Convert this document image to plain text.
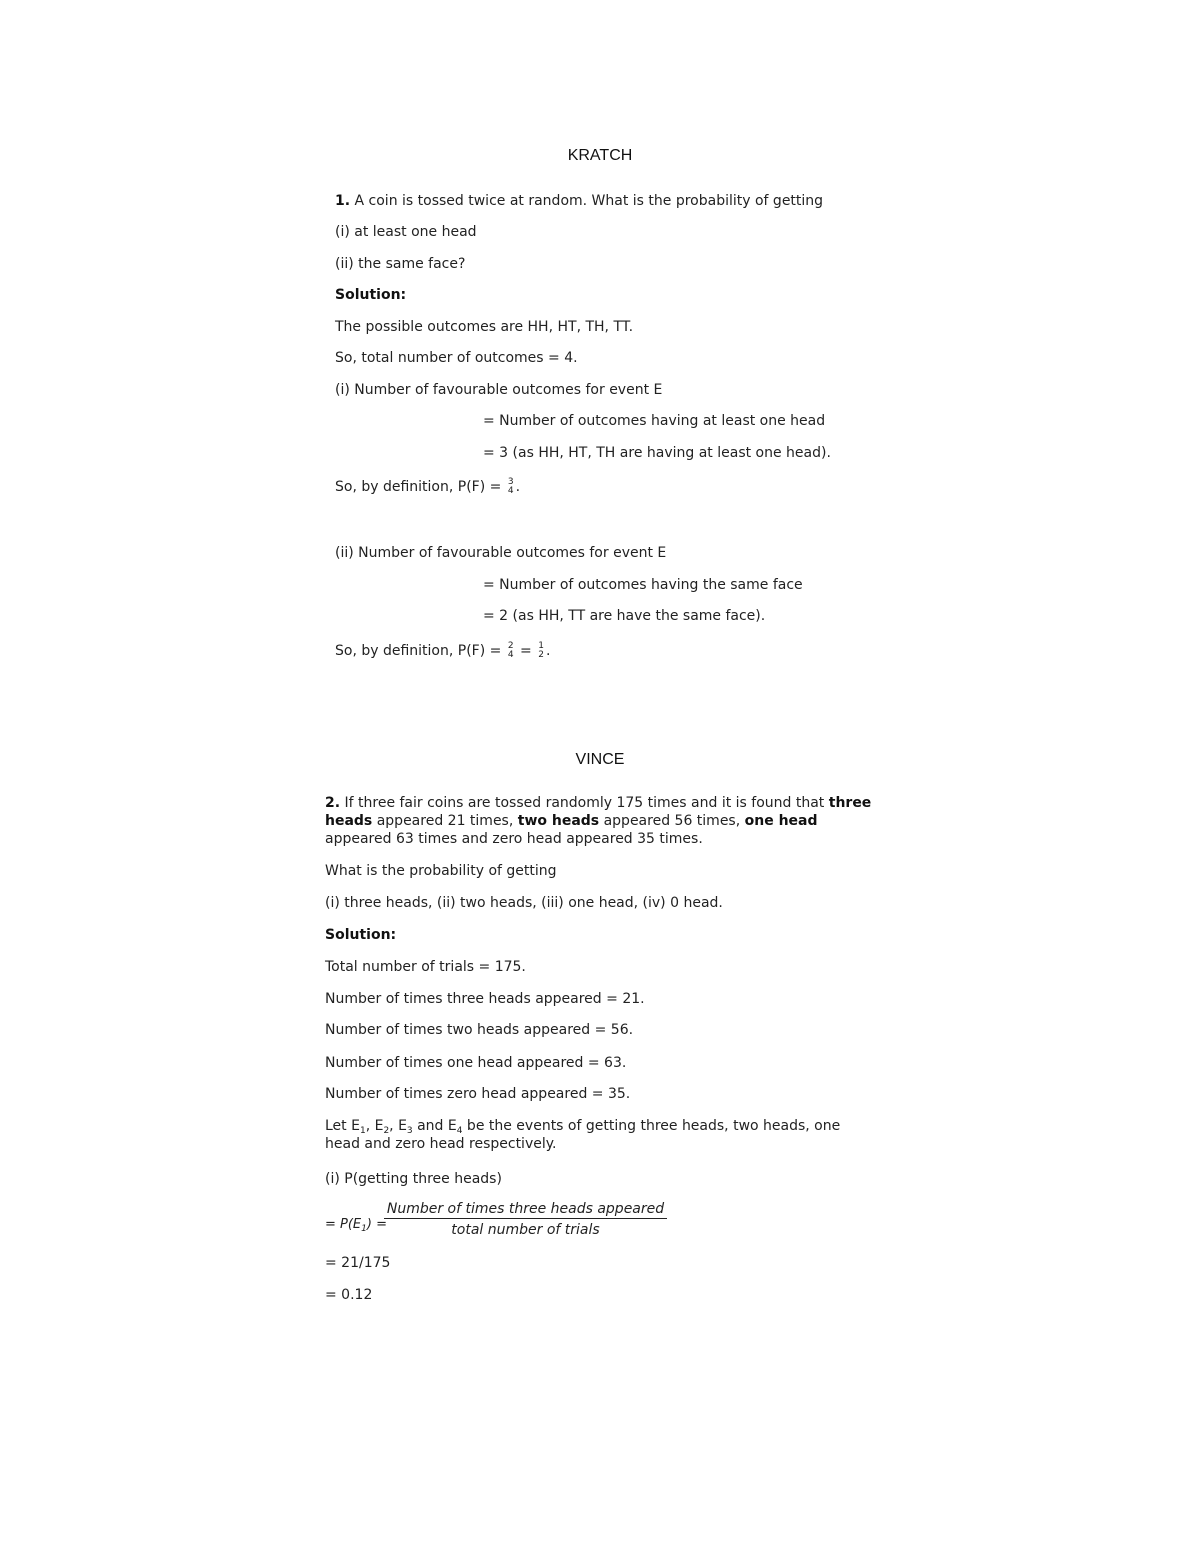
KRATCH
1. A coin is tossed twice at random. What is the probability of getting
(i) at least one head
(ii) the same face?
Solution:
The possible outcomes are HH, HT, TH, TT.
So, total number of outcomes = 4.
(i) Number of favourable outcomes for event E
= Number of outcomes having at least one head
= 3 (as HH, HT, TH are having at least one head).
So, by definition, P(F) = 3
4 .
(ii) Number of favourable outcomes for event E
= Number of outcomes having the same face
= 2 (as HH, TT are have the same face).
So, by definition, P(F) = 2
4 = 1
2 .
VINCE
2. If three fair coins are tossed randomly 175 times and it is found that three heads appeared 21 times, two heads appeared 56 times, one head appeared 63 times and zero head appeared 35 times.
What is the probability of getting
(i) three heads, (ii) two heads, (iii) one head, (iv) 0 head.
Solution:
Total number of trials = 175.
Number of times three heads appeared = 21.
Number of times two heads appeared = 56.
Number of times one head appeared = 63.
Number of times zero head appeared = 35.
Let $E_1$, $E_2$, $E_3$ and $E_4$ be the events of getting three heads, two heads, one head and zero head respectively.
(i) P(getting three heads)
= $P(E_1)$ =
Number of times three heads appeared
total number of trials
= 21/175
= 0.12
